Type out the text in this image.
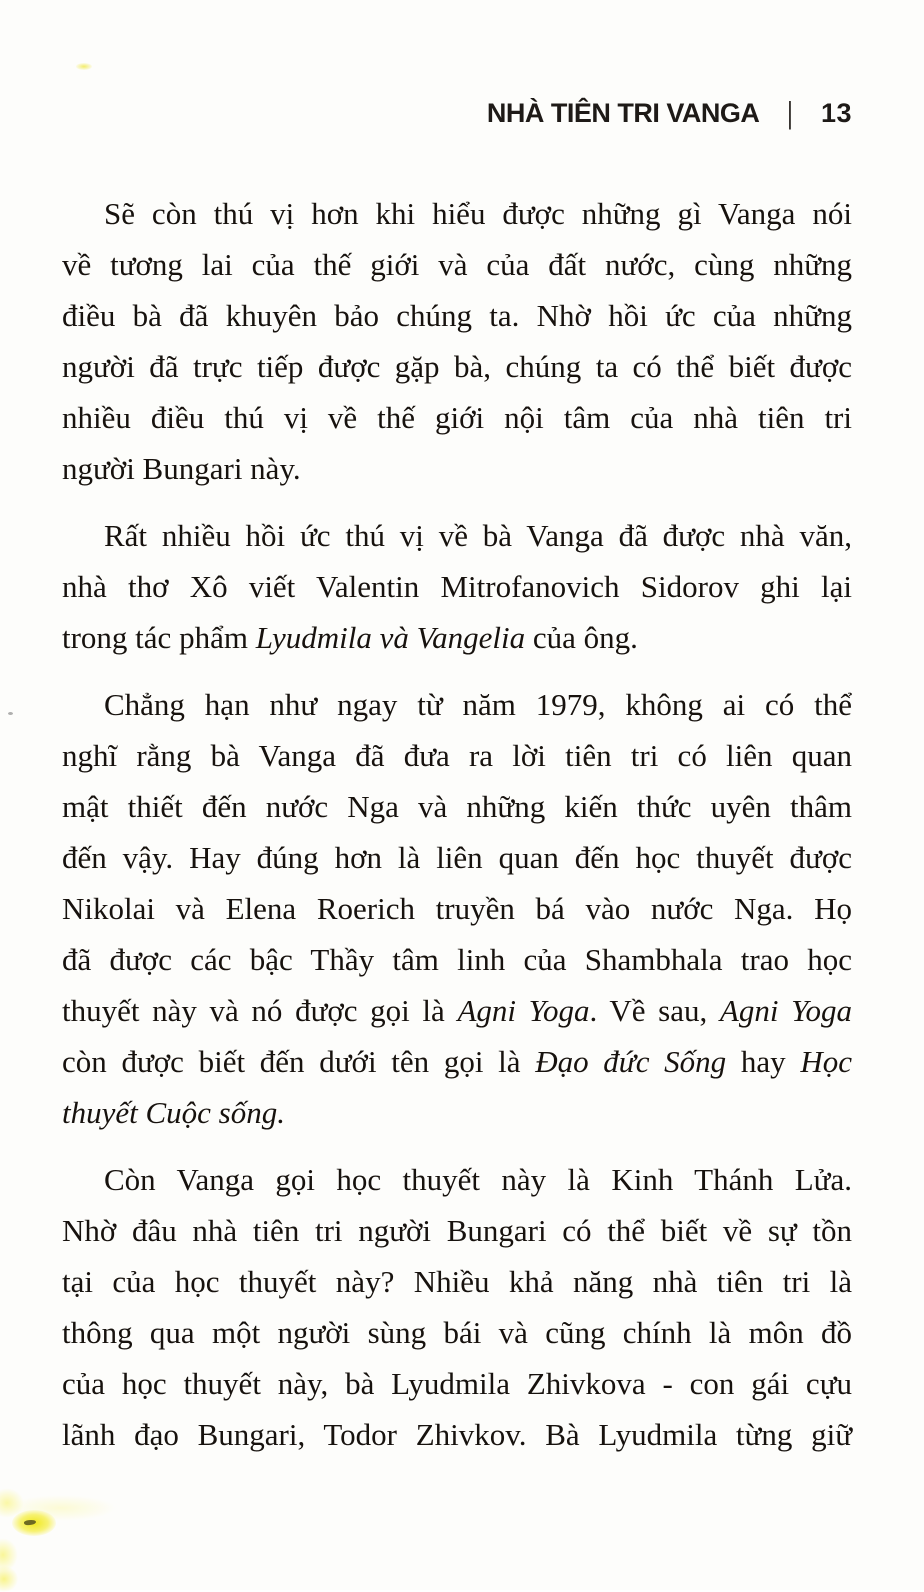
NHÀ TIÊN TRI VANGA | 13
Sẽ còn thú vị hơn khi hiểu được những gì Vanga nói
về tương lai của thế giới và của đất nước, cùng những
điều bà đã khuyên bảo chúng ta. Nhờ hồi ức của những
người đã trực tiếp được gặp bà, chúng ta có thể biết được
nhiều điều thú vị về thế giới nội tâm của nhà tiên tri
người Bungari này.
Rất nhiều hồi ức thú vị về bà Vanga đã được nhà văn,
nhà thơ Xô viết Valentin Mitrofanovich Sidorov ghi lại
trong tác phẩm Lyudmila và Vangelia của ông.
Chẳng hạn như ngay từ năm 1979, không ai có thể
nghĩ rằng bà Vanga đã đưa ra lời tiên tri có liên quan
mật thiết đến nước Nga và những kiến thức uyên thâm
đến vậy. Hay đúng hơn là liên quan đến học thuyết được
Nikolai và Elena Roerich truyền bá vào nước Nga. Họ
đã được các bậc Thầy tâm linh của Shambhala trao học
thuyết này và nó được gọi là Agni Yoga. Về sau, Agni Yoga
còn được biết đến dưới tên gọi là Đạo đức Sống hay Học
thuyết Cuộc sống.
Còn Vanga gọi học thuyết này là Kinh Thánh Lửa.
Nhờ đâu nhà tiên tri người Bungari có thể biết về sự tồn
tại của học thuyết này? Nhiều khả năng nhà tiên tri là
thông qua một người sùng bái và cũng chính là môn đồ
của học thuyết này, bà Lyudmila Zhivkova - con gái cựu
lãnh đạo Bungari, Todor Zhivkov. Bà Lyudmila từng giữ
